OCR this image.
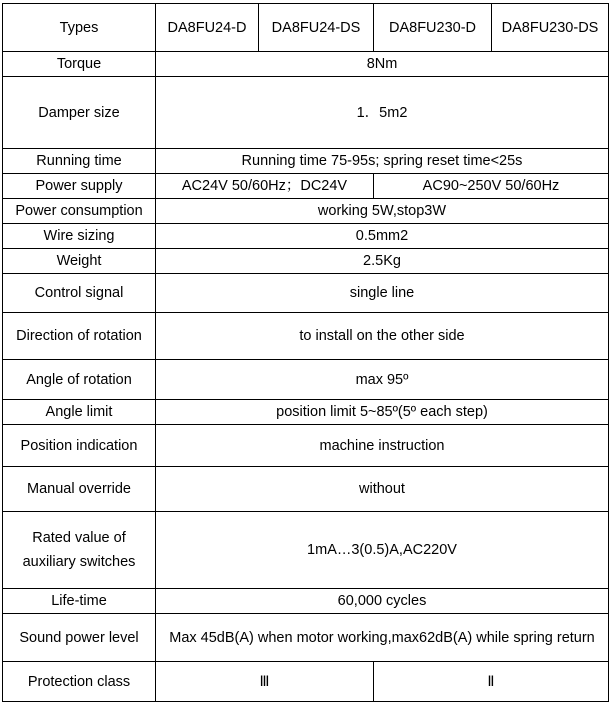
Types	DA8FU24-D	DA8FU24-DS	DA8FU230-D	DA8FU230-DS
Torque	8Nm			
Damper size	1．5m2			
Running time	Running time 75-95s; spring reset time<25s			
Power supply	AC24V 50/60Hz；DC24V		AC90~250V 50/60Hz	
Power consumption	working 5W,stop3W			
Wire sizing	0.5mm2			
Weight	2.5Kg			
Control signal	single line			
Direction of rotation	to install on the other side			
Angle of rotation	max 95º			
Angle limit	position limit 5~85º(5º each step)			
Position indication	machine instruction			
Manual override	without			
Rated value of auxiliary switches	1mA…3(0.5)A,AC220V			
Life-time	60,000 cycles			
Sound power level	Max 45dB(A) when motor working,max62dB(A) while spring return			
Protection class	Ⅲ		Ⅱ	
